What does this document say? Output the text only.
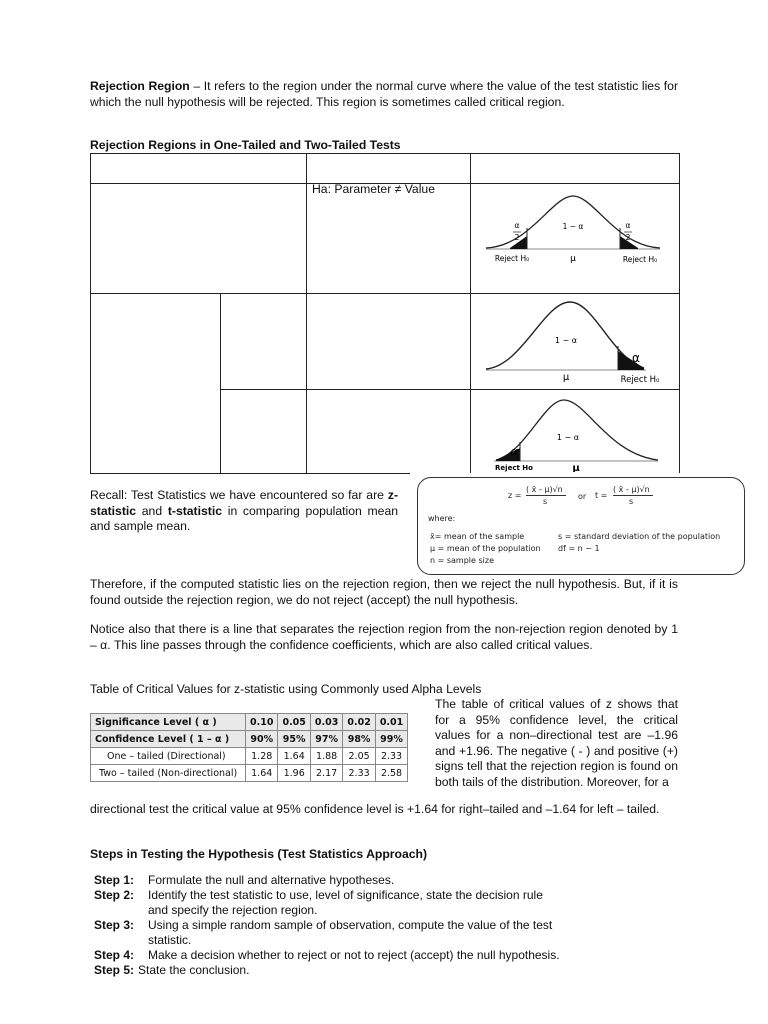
Rejection Region – It refers to the region under the normal curve where the value of the test statistic lies for which the null hypothesis will be rejected. This region is sometimes called critical region.
Rejection Regions in One-Tailed and Two-Tailed Tests
Ha: Parameter ≠ Value
α
2
α
2
1 − α
μ
Reject H₀	Reject H₀
1 − α
α
μ	Reject H₀
1 − α
α
μ
Reject Ho
Recall: Test Statistics we have encountered so far are z-statistic and t-statistic in comparing population mean and sample mean.
z =
( x̄ - μ)√n
s
or t =
( x̄ - μ)√n
s
where:
x̄= mean of the sample
μ = mean of the population
n = sample size
s = standard deviation of the population
df = n − 1
Therefore, if the computed statistic lies on the rejection region, then we reject the null hypothesis. But, if it is found outside the rejection region, we do not reject (accept) the null hypothesis.
Notice also that there is a line that separates the rejection region from the non-rejection region denoted by 1 – α. This line passes through the confidence coefficients, which are also called critical values.
Table of Critical Values for z-statistic using Commonly used Alpha Levels
Significance Level ( α )	0.10	0.05	0.03	0.02	0.01
Confidence Level ( 1 – α )	90%	95%	97%	98%	99%
One – tailed (Directional)	1.28	1.64	1.88	2.05	2.33
Two – tailed (Non-directional)	1.64	1.96	2.17	2.33	2.58
The table of critical values of z shows that for a 95% confidence level, the critical values for a non–directional test are –1.96 and +1.96. The negative ( - ) and positive (+) signs tell that the rejection region is found on both tails of the distribution. Moreover, for a
directional test the critical value at 95% confidence level is +1.64 for right–tailed and –1.64 for left – tailed.
Steps in Testing the Hypothesis (Test Statistics Approach)
Step 1:	Formulate the null and alternative hypotheses.
Step 2:	Identify the test statistic to use, level of significance, state the decision rule and specify the rejection region.
Step 3:	Using a simple random sample of observation, compute the value of the test statistic.
Step 4:	Make a decision whether to reject or not to reject (accept) the null hypothesis.
Step 5: State the conclusion.
